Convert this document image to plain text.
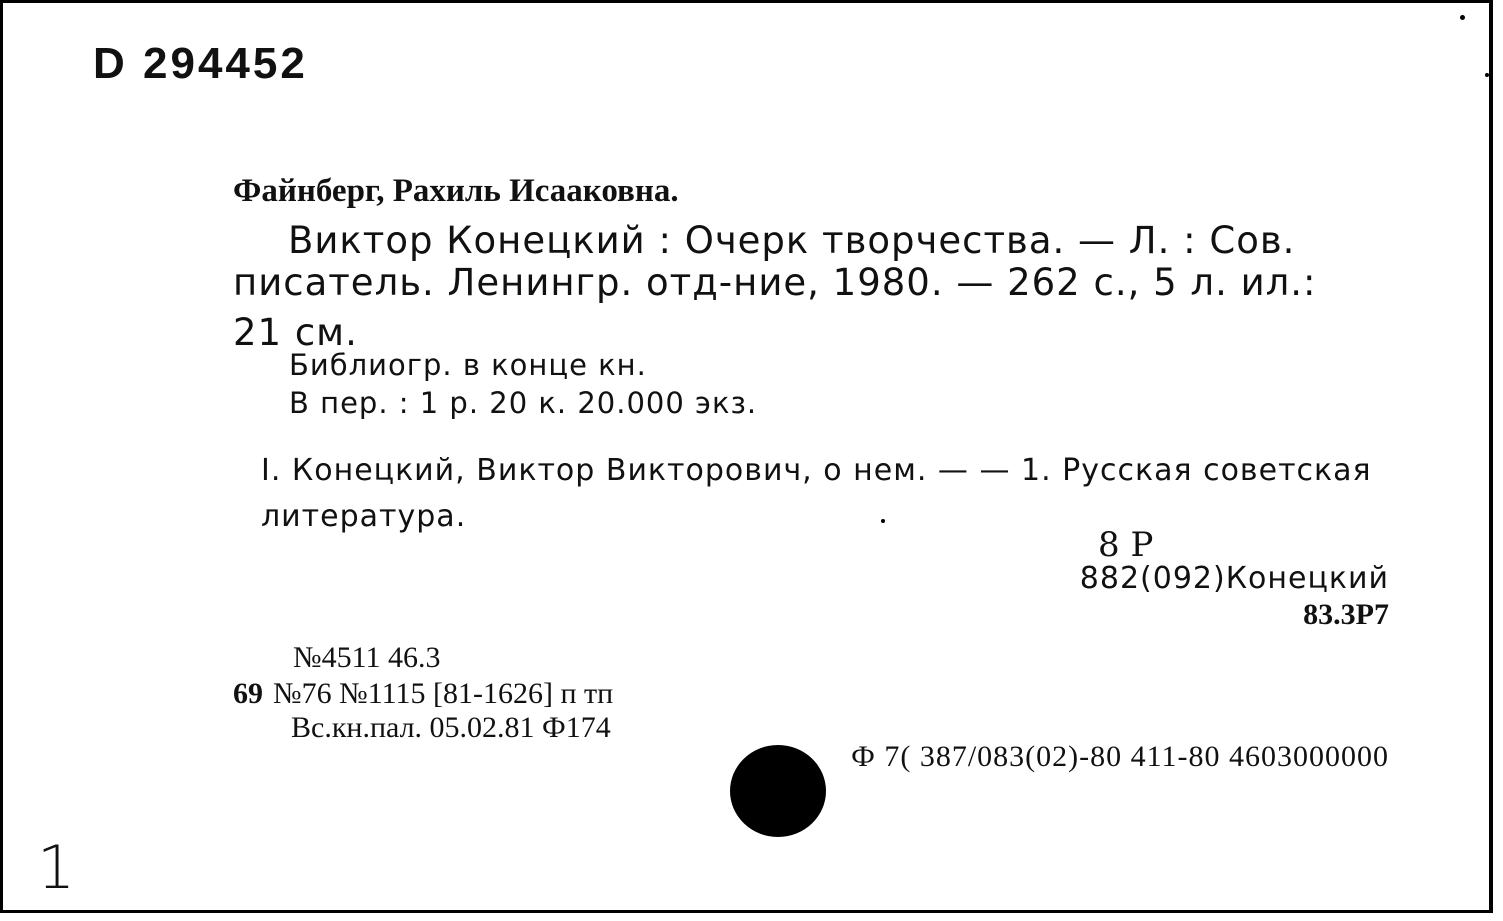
D 294452
Файнберг, Рахиль Исааковна.
Виктор Конецкий : Очерк творчества. — Л. : Сов.
писатель. Ленингр. отд-ние, 1980. — 262 с., 5 л. ил.:
21 см.
Библиогр. в конце кн.
В пер. : 1 р. 20 к. 20.000 экз.
I. Конецкий, Виктор Викторович, о нем. — — 1. Русская советская
литература.
8 Р
882(092)Конецкий
83.3Р7
№4511 46.3
69 №76 №1115 [81-1626] п тп
Вс.кн.пал. 05.02.81 Ф174
Ф 7( 387/083(02)-80 411-80 4603000000
1
